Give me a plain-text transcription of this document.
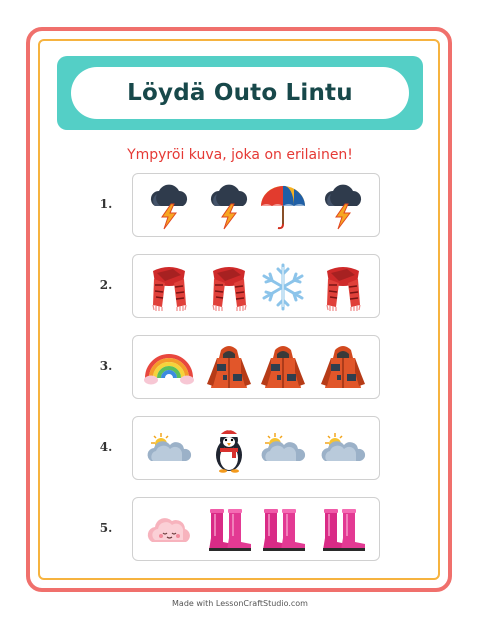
Löydä Outo Lintu
Ympyröi kuva, joka on erilainen!
1.
2.
3.
4.
5.
Made with LessonCraftStudio.com
